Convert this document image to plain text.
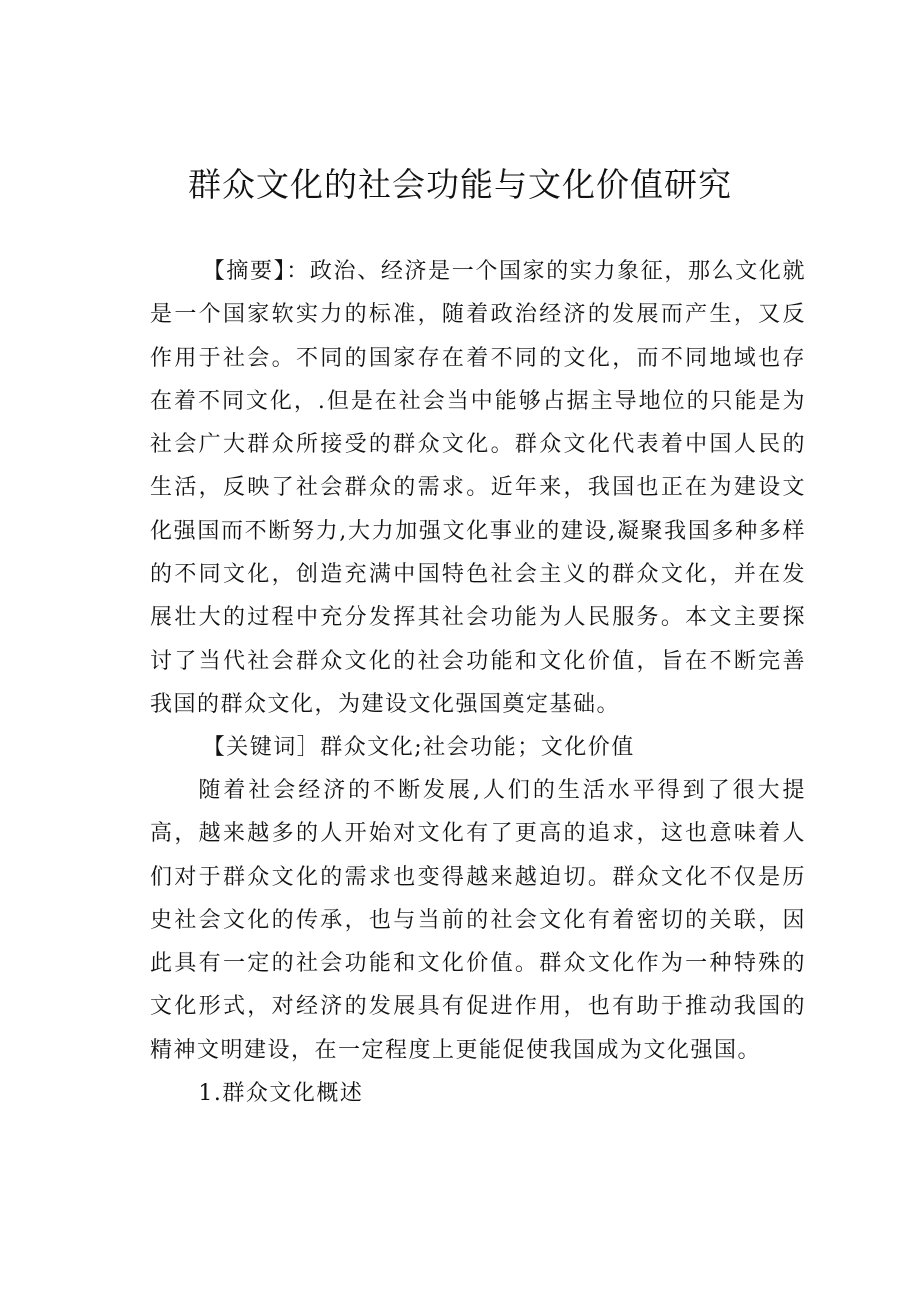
群众文化的社会功能与文化价值研究

【摘要】：政治、经济是一个国家的实力象征，那么文化就是一个国家软实力的标准，随着政治经济的发展而产生，又反作用于社会。不同的国家存在着不同的文化，而不同地域也存在着不同文化，.但是在社会当中能够占据主导地位的只能是为社会广大群众所接受的群众文化。群众文化代表着中国人民的生活，反映了社会群众的需求。近年来，我国也正在为建设文化强国而不断努力,大力加强文化事业的建设,凝聚我国多种多样的不同文化，创造充满中国特色社会主义的群众文化，并在发展壮大的过程中充分发挥其社会功能为人民服务。本文主要探讨了当代社会群众文化的社会功能和文化价值，旨在不断完善我国的群众文化，为建设文化强国奠定基础。

【关键词］群众文化;社会功能；文化价值

随着社会经济的不断发展,人们的生活水平得到了很大提高，越来越多的人开始对文化有了更高的追求，这也意味着人们对于群众文化的需求也变得越来越迫切。群众文化不仅是历史社会文化的传承，也与当前的社会文化有着密切的关联，因此具有一定的社会功能和文化价值。群众文化作为一种特殊的文化形式，对经济的发展具有促进作用，也有助于推动我国的精神文明建设，在一定程度上更能促使我国成为文化强国。

1.群众文化概述
